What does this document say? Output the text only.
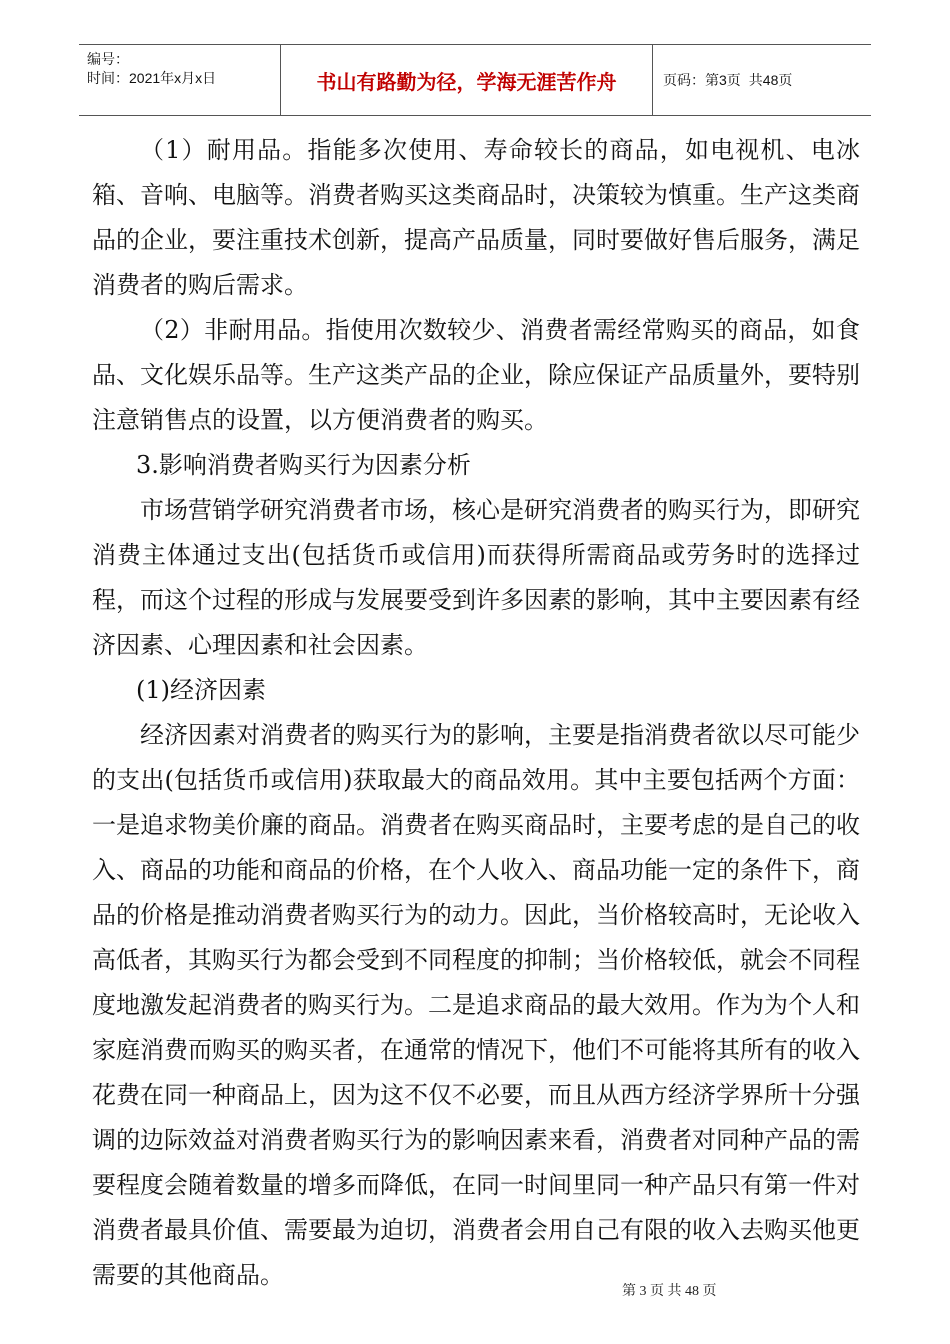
编号：
时间：2021年x月x日	书山有路勤为径，学海无涯苦作舟	页码：第3页 共48页

（1）耐用品。指能多次使用、寿命较长的商品，如电视机、电冰箱、音响、电脑等。消费者购买这类商品时，决策较为慎重。生产这类商品的企业，要注重技术创新，提高产品质量，同时要做好售后服务，满足消费者的购后需求。

（2）非耐用品。指使用次数较少、消费者需经常购买的商品，如食品、文化娱乐品等。生产这类产品的企业，除应保证产品质量外，要特别注意销售点的设置，以方便消费者的购买。

3.影响消费者购买行为因素分析

市场营销学研究消费者市场，核心是研究消费者的购买行为，即研究消费主体通过支出(包括货币或信用)而获得所需商品或劳务时的选择过程，而这个过程的形成与发展要受到许多因素的影响，其中主要因素有经济因素、心理因素和社会因素。

(1)经济因素

经济因素对消费者的购买行为的影响，主要是指消费者欲以尽可能少的支出(包括货币或信用)获取最大的商品效用。其中主要包括两个方面：一是追求物美价廉的商品。消费者在购买商品时，主要考虑的是自己的收入、商品的功能和商品的价格，在个人收入、商品功能一定的条件下，商品的价格是推动消费者购买行为的动力。因此，当价格较高时，无论收入高低者，其购买行为都会受到不同程度的抑制；当价格较低，就会不同程度地激发起消费者的购买行为。二是追求商品的最大效用。作为为个人和家庭消费而购买的购买者，在通常的情况下，他们不可能将其所有的收入花费在同一种商品上，因为这不仅不必要，而且从西方经济学界所十分强调的边际效益对消费者购买行为的影响因素来看，消费者对同种产品的需要程度会随着数量的增多而降低，在同一时间里同一种产品只有第一件对消费者最具价值、需要最为迫切，消费者会用自己有限的收入去购买他更需要的其他商品。

第 3 页 共 48 页
